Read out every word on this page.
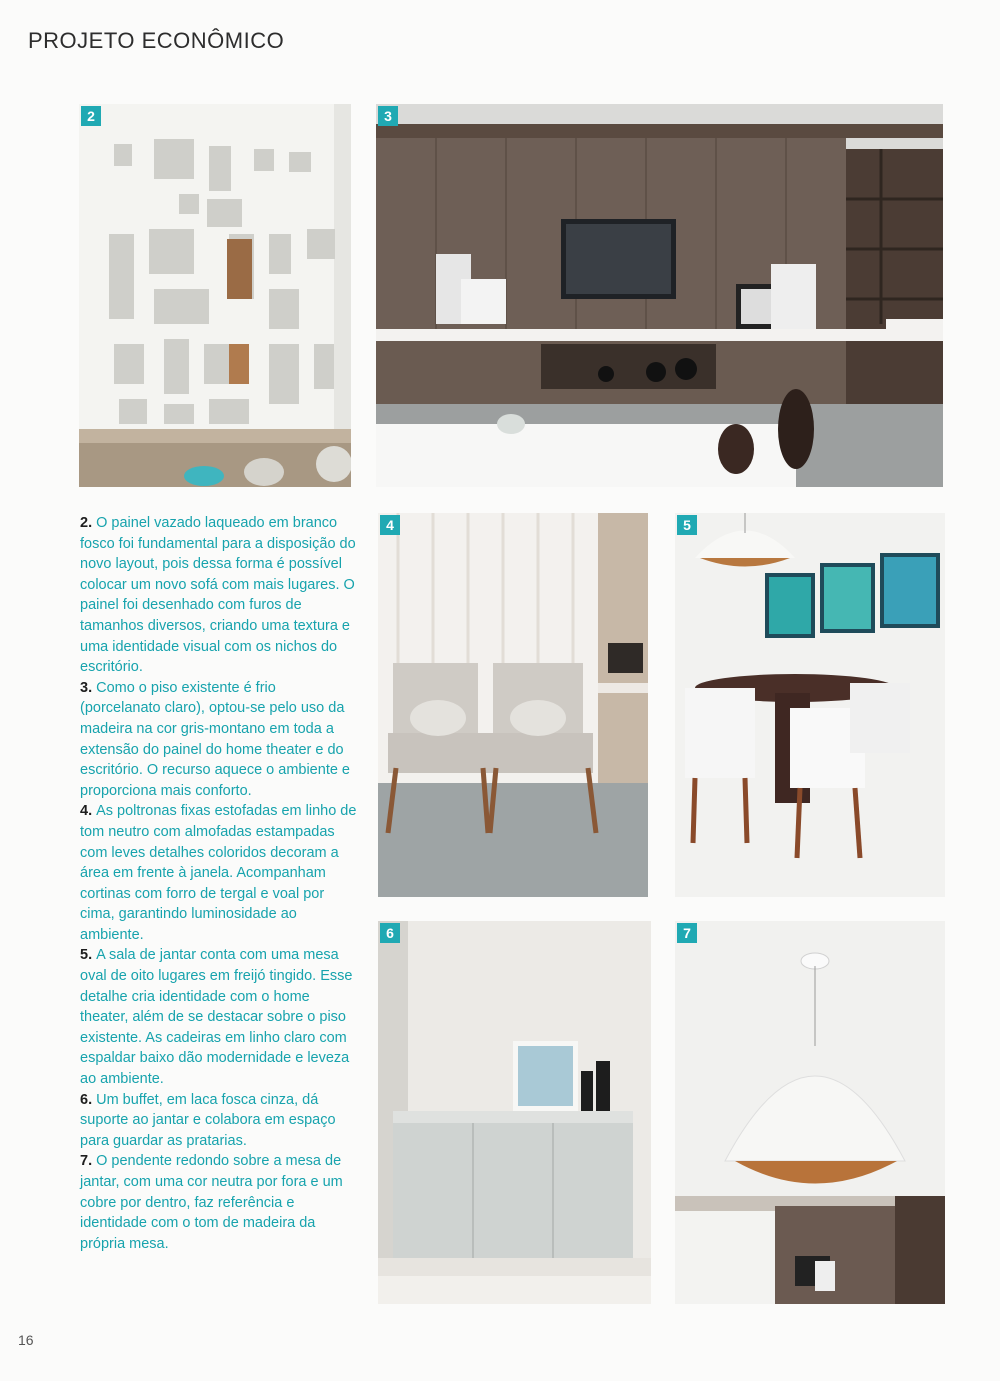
PROJETO ECONÔMICO
2	3
4	5
6	7

2. O painel vazado laqueado em branco fosco foi fundamental para a disposição do novo layout, pois dessa forma é possível colocar um novo sofá com mais lugares. O painel foi desenhado com furos de tamanhos diversos, criando uma textura e uma identidade visual com os nichos do escritório.

3. Como o piso existente é frio (porcelanato claro), optou-se pelo uso da madeira na cor gris-montano em toda a extensão do painel do home theater e do escritório. O recurso aquece o ambiente e proporciona mais conforto.

4. As poltronas fixas estofadas em linho de tom neutro com almofadas estampadas com leves detalhes coloridos decoram a área em frente à janela. Acompanham cortinas com forro de tergal e voal por cima, garantindo luminosidade ao ambiente.

5. A sala de jantar conta com uma mesa oval de oito lugares em freijó tingido. Esse detalhe cria identidade com o home theater, além de se destacar sobre o piso existente. As cadeiras em linho claro com espaldar baixo dão modernidade e leveza ao ambiente.

6. Um buffet, em laca fosca cinza, dá suporte ao jantar e colabora em espaço para guardar as pratarias.

7. O pendente redondo sobre a mesa de jantar, com uma cor neutra por fora e um cobre por dentro, faz referência e identidade com o tom de madeira da própria mesa.

16
